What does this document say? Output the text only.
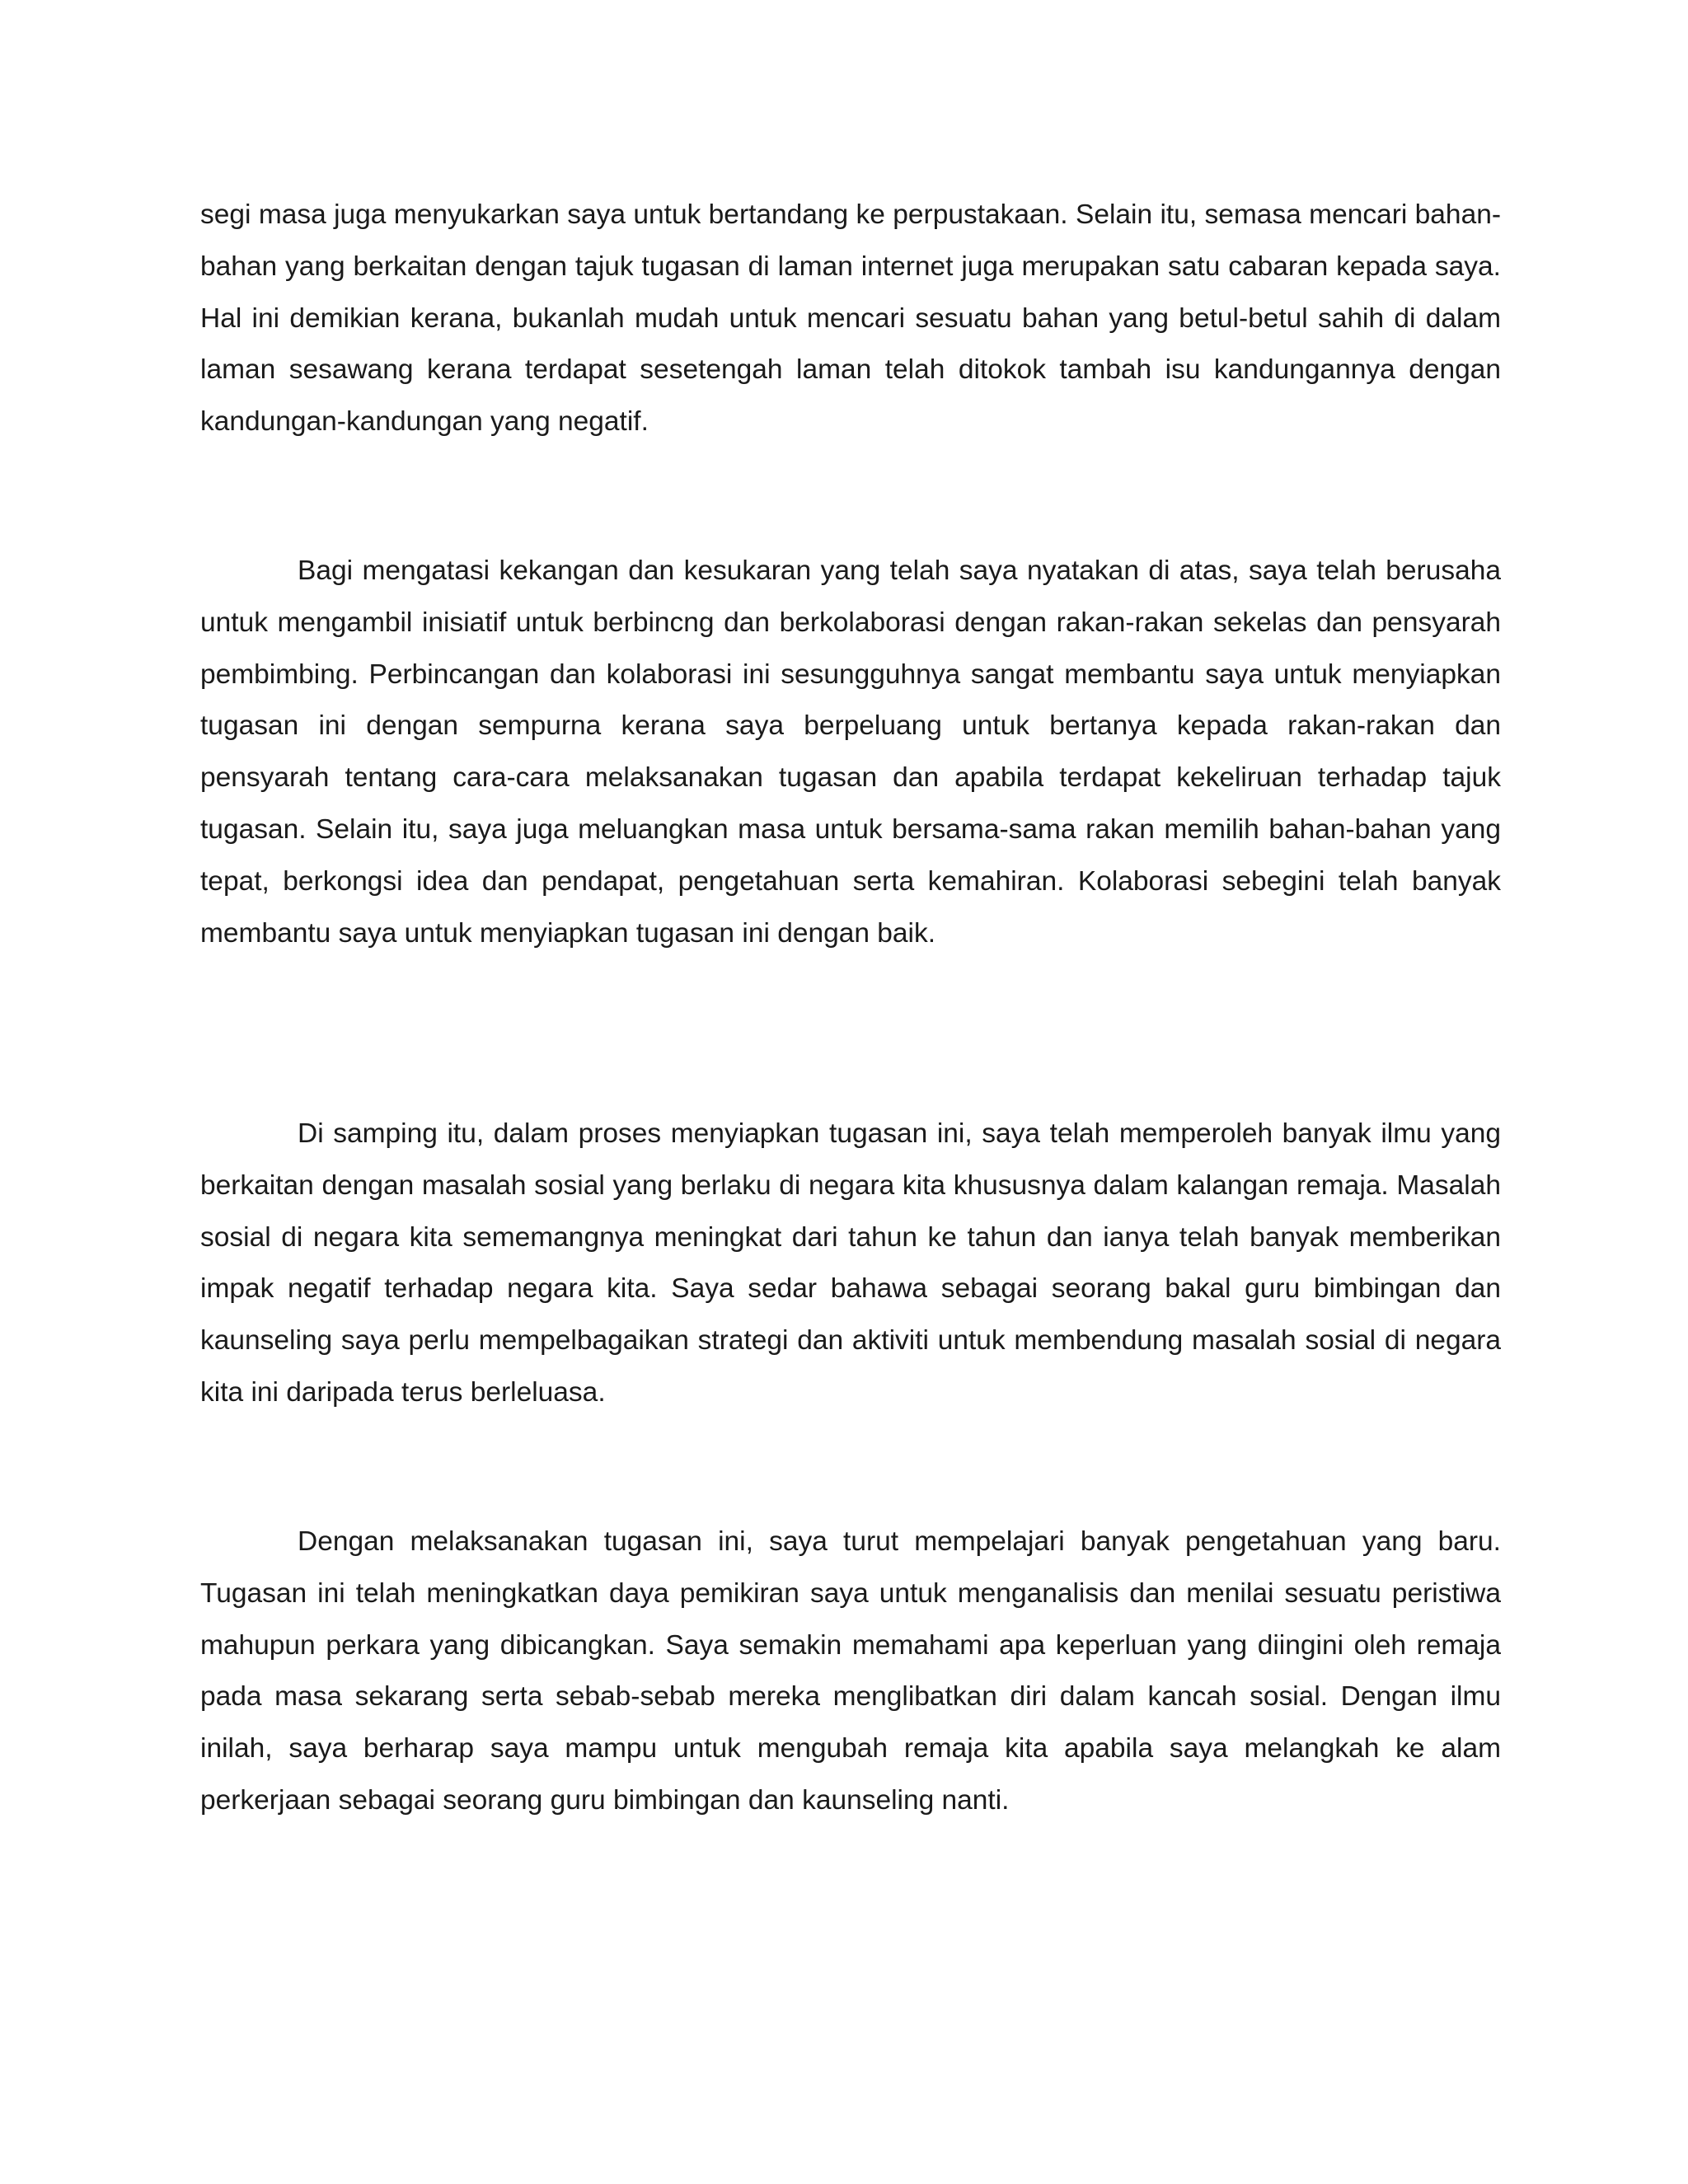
segi masa juga menyukarkan saya untuk bertandang ke perpustakaan. Selain itu, semasa mencari bahan-bahan yang berkaitan dengan tajuk tugasan di laman internet juga merupakan satu cabaran kepada saya. Hal ini demikian kerana, bukanlah mudah untuk mencari sesuatu bahan yang betul-betul sahih di dalam laman sesawang kerana terdapat sesetengah laman telah ditokok tambah isu kandungannya dengan kandungan-kandungan yang negatif.

Bagi mengatasi kekangan dan kesukaran yang telah saya nyatakan di atas, saya telah berusaha untuk mengambil inisiatif untuk berbincng dan berkolaborasi dengan rakan-rakan sekelas dan pensyarah pembimbing. Perbincangan dan kolaborasi ini sesungguhnya sangat membantu saya untuk menyiapkan tugasan ini dengan sempurna kerana saya berpeluang untuk bertanya kepada rakan-rakan dan pensyarah tentang cara-cara melaksanakan tugasan dan apabila terdapat kekeliruan terhadap tajuk tugasan. Selain itu, saya juga meluangkan masa untuk bersama-sama rakan memilih bahan-bahan yang tepat, berkongsi idea dan pendapat, pengetahuan serta kemahiran. Kolaborasi sebegini telah banyak membantu saya untuk menyiapkan tugasan ini dengan baik.

Di samping itu, dalam proses menyiapkan tugasan ini, saya telah memperoleh banyak ilmu yang berkaitan dengan masalah sosial yang berlaku di negara kita khususnya dalam kalangan remaja. Masalah sosial di negara kita sememangnya meningkat dari tahun ke tahun dan ianya telah banyak memberikan impak negatif terhadap negara kita. Saya sedar bahawa sebagai seorang bakal guru bimbingan dan kaunseling saya perlu mempelbagaikan strategi dan aktiviti untuk membendung masalah sosial di negara kita ini daripada terus berleluasa.

Dengan melaksanakan tugasan ini, saya turut mempelajari banyak pengetahuan yang baru. Tugasan ini telah meningkatkan daya pemikiran saya untuk menganalisis dan menilai sesuatu peristiwa mahupun perkara yang dibicangkan. Saya semakin memahami apa keperluan yang diingini oleh remaja pada masa sekarang serta sebab-sebab mereka menglibatkan diri dalam kancah sosial. Dengan ilmu inilah, saya berharap saya mampu untuk mengubah remaja kita apabila saya melangkah ke alam perkerjaan sebagai seorang guru bimbingan dan kaunseling nanti.
